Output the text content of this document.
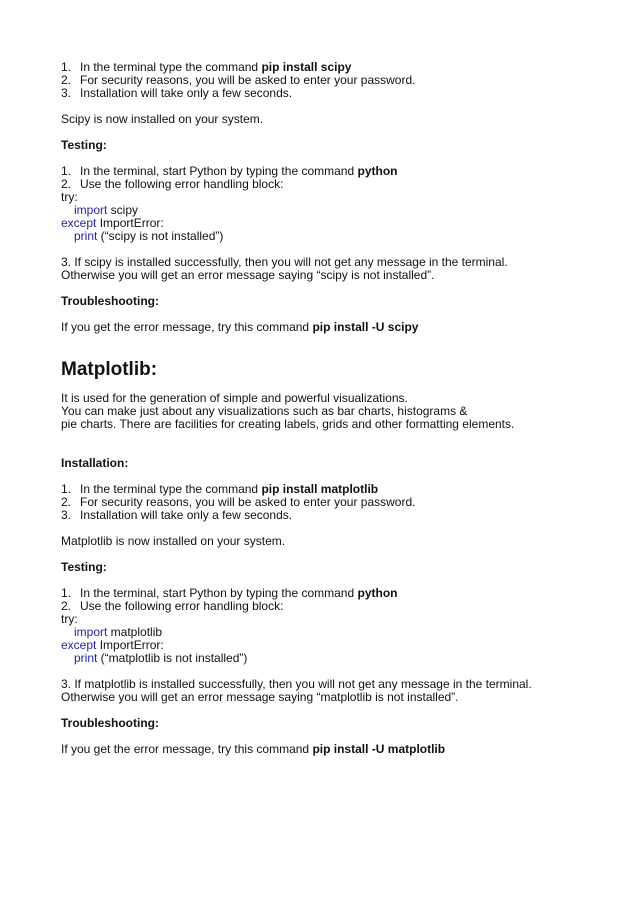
1. In the terminal type the command pip install scipy
2. For security reasons, you will be asked to enter your password.
3. Installation will take only a few seconds.
Scipy is now installed on your system.
Testing:
1. In the terminal, start Python by typing the command python
2. Use the following error handling block:
try:
import scipy
except ImportError:
print (“scipy is not installed”)
3. If scipy is installed successfully, then you will not get any message in the terminal.
Otherwise you will get an error message saying “scipy is not installed”.
Troubleshooting:
If you get the error message, try this command pip install -U scipy
Matplotlib:
It is used for the generation of simple and powerful visualizations.
You can make just about any visualizations such as bar charts, histograms &
pie charts. There are facilities for creating labels, grids and other formatting elements.
Installation:
1. In the terminal type the command pip install matplotlib
2. For security reasons, you will be asked to enter your password.
3. Installation will take only a few seconds.
Matplotlib is now installed on your system.
Testing:
1. In the terminal, start Python by typing the command python
2. Use the following error handling block:
try:
import matplotlib
except ImportError:
print (“matplotlib is not installed”)
3. If matplotlib is installed successfully, then you will not get any message in the terminal.
Otherwise you will get an error message saying “matplotlib is not installed”.
Troubleshooting:
If you get the error message, try this command pip install -U matplotlib
